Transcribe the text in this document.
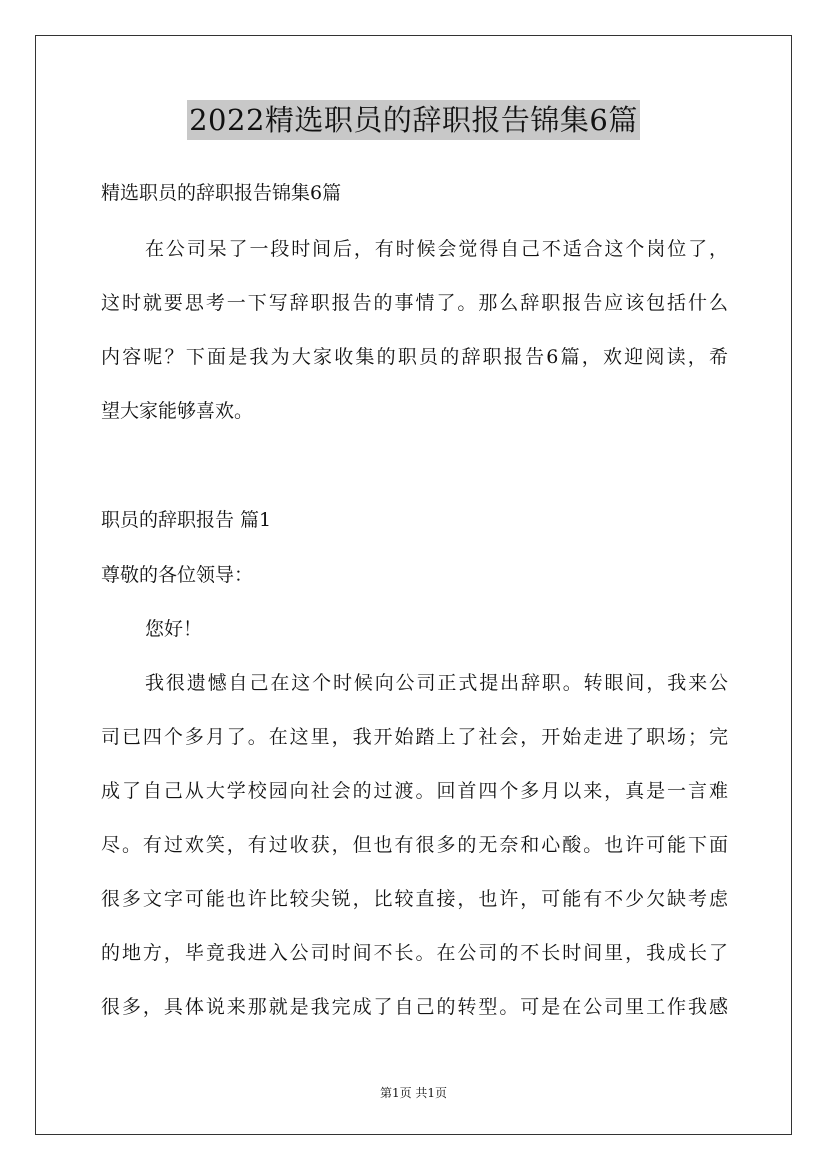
2022精选职员的辞职报告锦集6篇
精选职员的辞职报告锦集6篇
在公司呆了一段时间后，有时候会觉得自己不适合这个岗位了，
这时就要思考一下写辞职报告的事情了。那么辞职报告应该包括什么
内容呢？下面是我为大家收集的职员的辞职报告6篇，欢迎阅读，希
望大家能够喜欢。
职员的辞职报告 篇1
尊敬的各位领导：
您好！
我很遗憾自己在这个时候向公司正式提出辞职。转眼间，我来公
司已四个多月了。在这里，我开始踏上了社会，开始走进了职场；完
成了自己从大学校园向社会的过渡。回首四个多月以来，真是一言难
尽。有过欢笑，有过收获，但也有很多的无奈和心酸。也许可能下面
很多文字可能也许比较尖锐，比较直接，也许，可能有不少欠缺考虑
的地方，毕竟我进入公司时间不长。在公司的不长时间里，我成长了
很多，具体说来那就是我完成了自己的转型。可是在公司里工作我感
第1页 共1页
